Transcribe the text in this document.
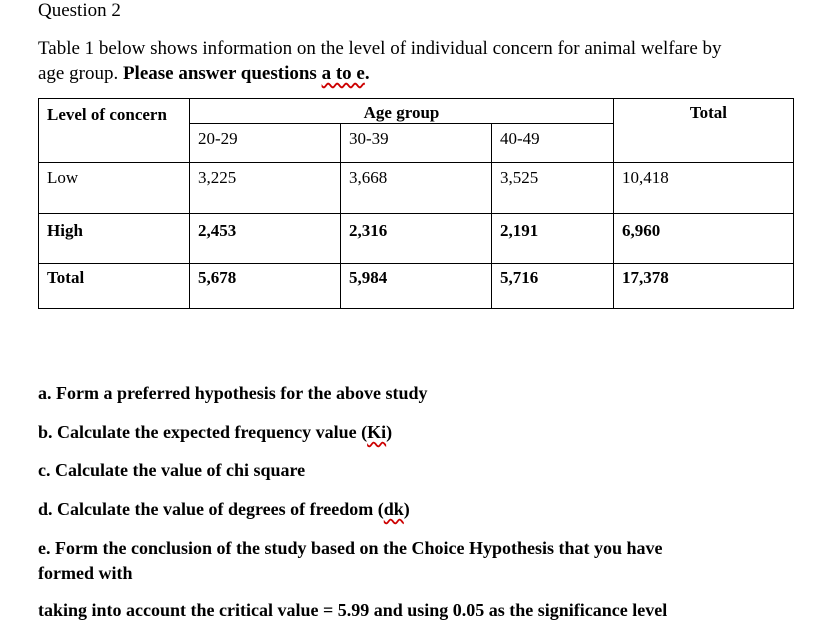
Question 2
Table 1 below shows information on the level of individual concern for animal welfare by
age group. Please answer questions a to e.
Level of concern	Age group			Total
	20-29	30-39	40-49	
Low	3,225	3,668	3,525	10,418
High	2,453	2,316	2,191	6,960
Total	5,678	5,984	5,716	17,378
a. Form a preferred hypothesis for the above study
b. Calculate the expected frequency value (Ki)
c. Calculate the value of chi square
d. Calculate the value of degrees of freedom (dk)
e. Form the conclusion of the study based on the Choice Hypothesis that you have
formed with
taking into account the critical value = 5.99 and using 0.05 as the significance level
